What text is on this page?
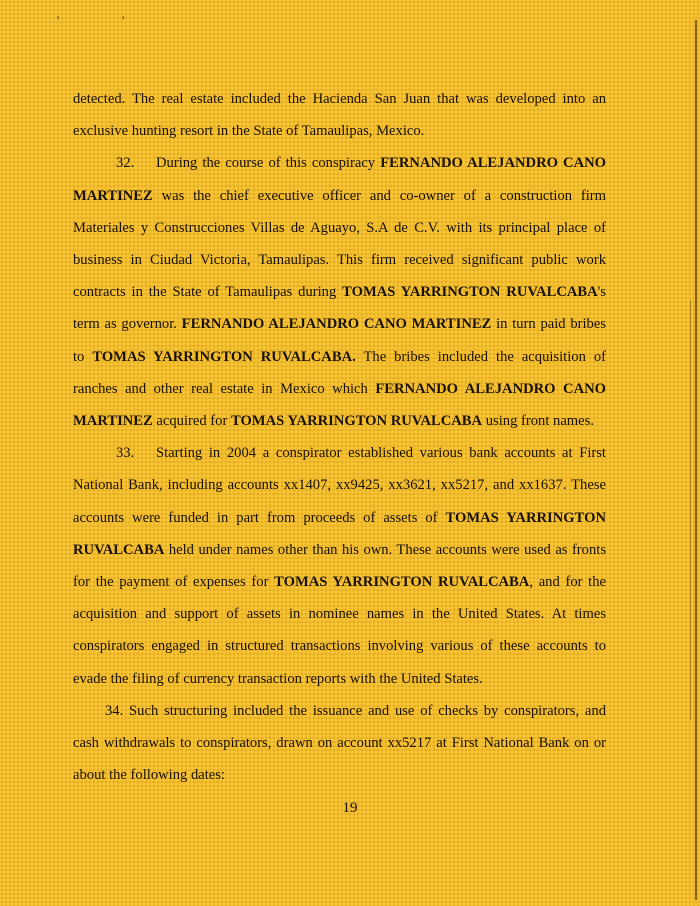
' '

detected. The real estate included the Hacienda San Juan that was developed into an exclusive hunting resort in the State of Tamaulipas, Mexico.

32. During the course of this conspiracy FERNANDO ALEJANDRO CANO MARTINEZ was the chief executive officer and co-owner of a construction firm Materiales y Construcciones Villas de Aguayo, S.A de C.V. with its principal place of business in Ciudad Victoria, Tamaulipas. This firm received significant public work contracts in the State of Tamaulipas during TOMAS YARRINGTON RUVALCABA's term as governor. FERNANDO ALEJANDRO CANO MARTINEZ in turn paid bribes to TOMAS YARRINGTON RUVALCABA. The bribes included the acquisition of ranches and other real estate in Mexico which FERNANDO ALEJANDRO CANO MARTINEZ acquired for TOMAS YARRINGTON RUVALCABA using front names.

33. Starting in 2004 a conspirator established various bank accounts at First National Bank, including accounts xx1407, xx9425, xx3621, xx5217, and xx1637. These accounts were funded in part from proceeds of assets of TOMAS YARRINGTON RUVALCABA held under names other than his own. These accounts were used as fronts for the payment of expenses for TOMAS YARRINGTON RUVALCABA, and for the acquisition and support of assets in nominee names in the United States. At times conspirators engaged in structured transactions involving various of these accounts to evade the filing of currency transaction reports with the United States.

34. Such structuring included the issuance and use of checks by conspirators, and cash withdrawals to conspirators, drawn on account xx5217 at First National Bank on or about the following dates:

19
